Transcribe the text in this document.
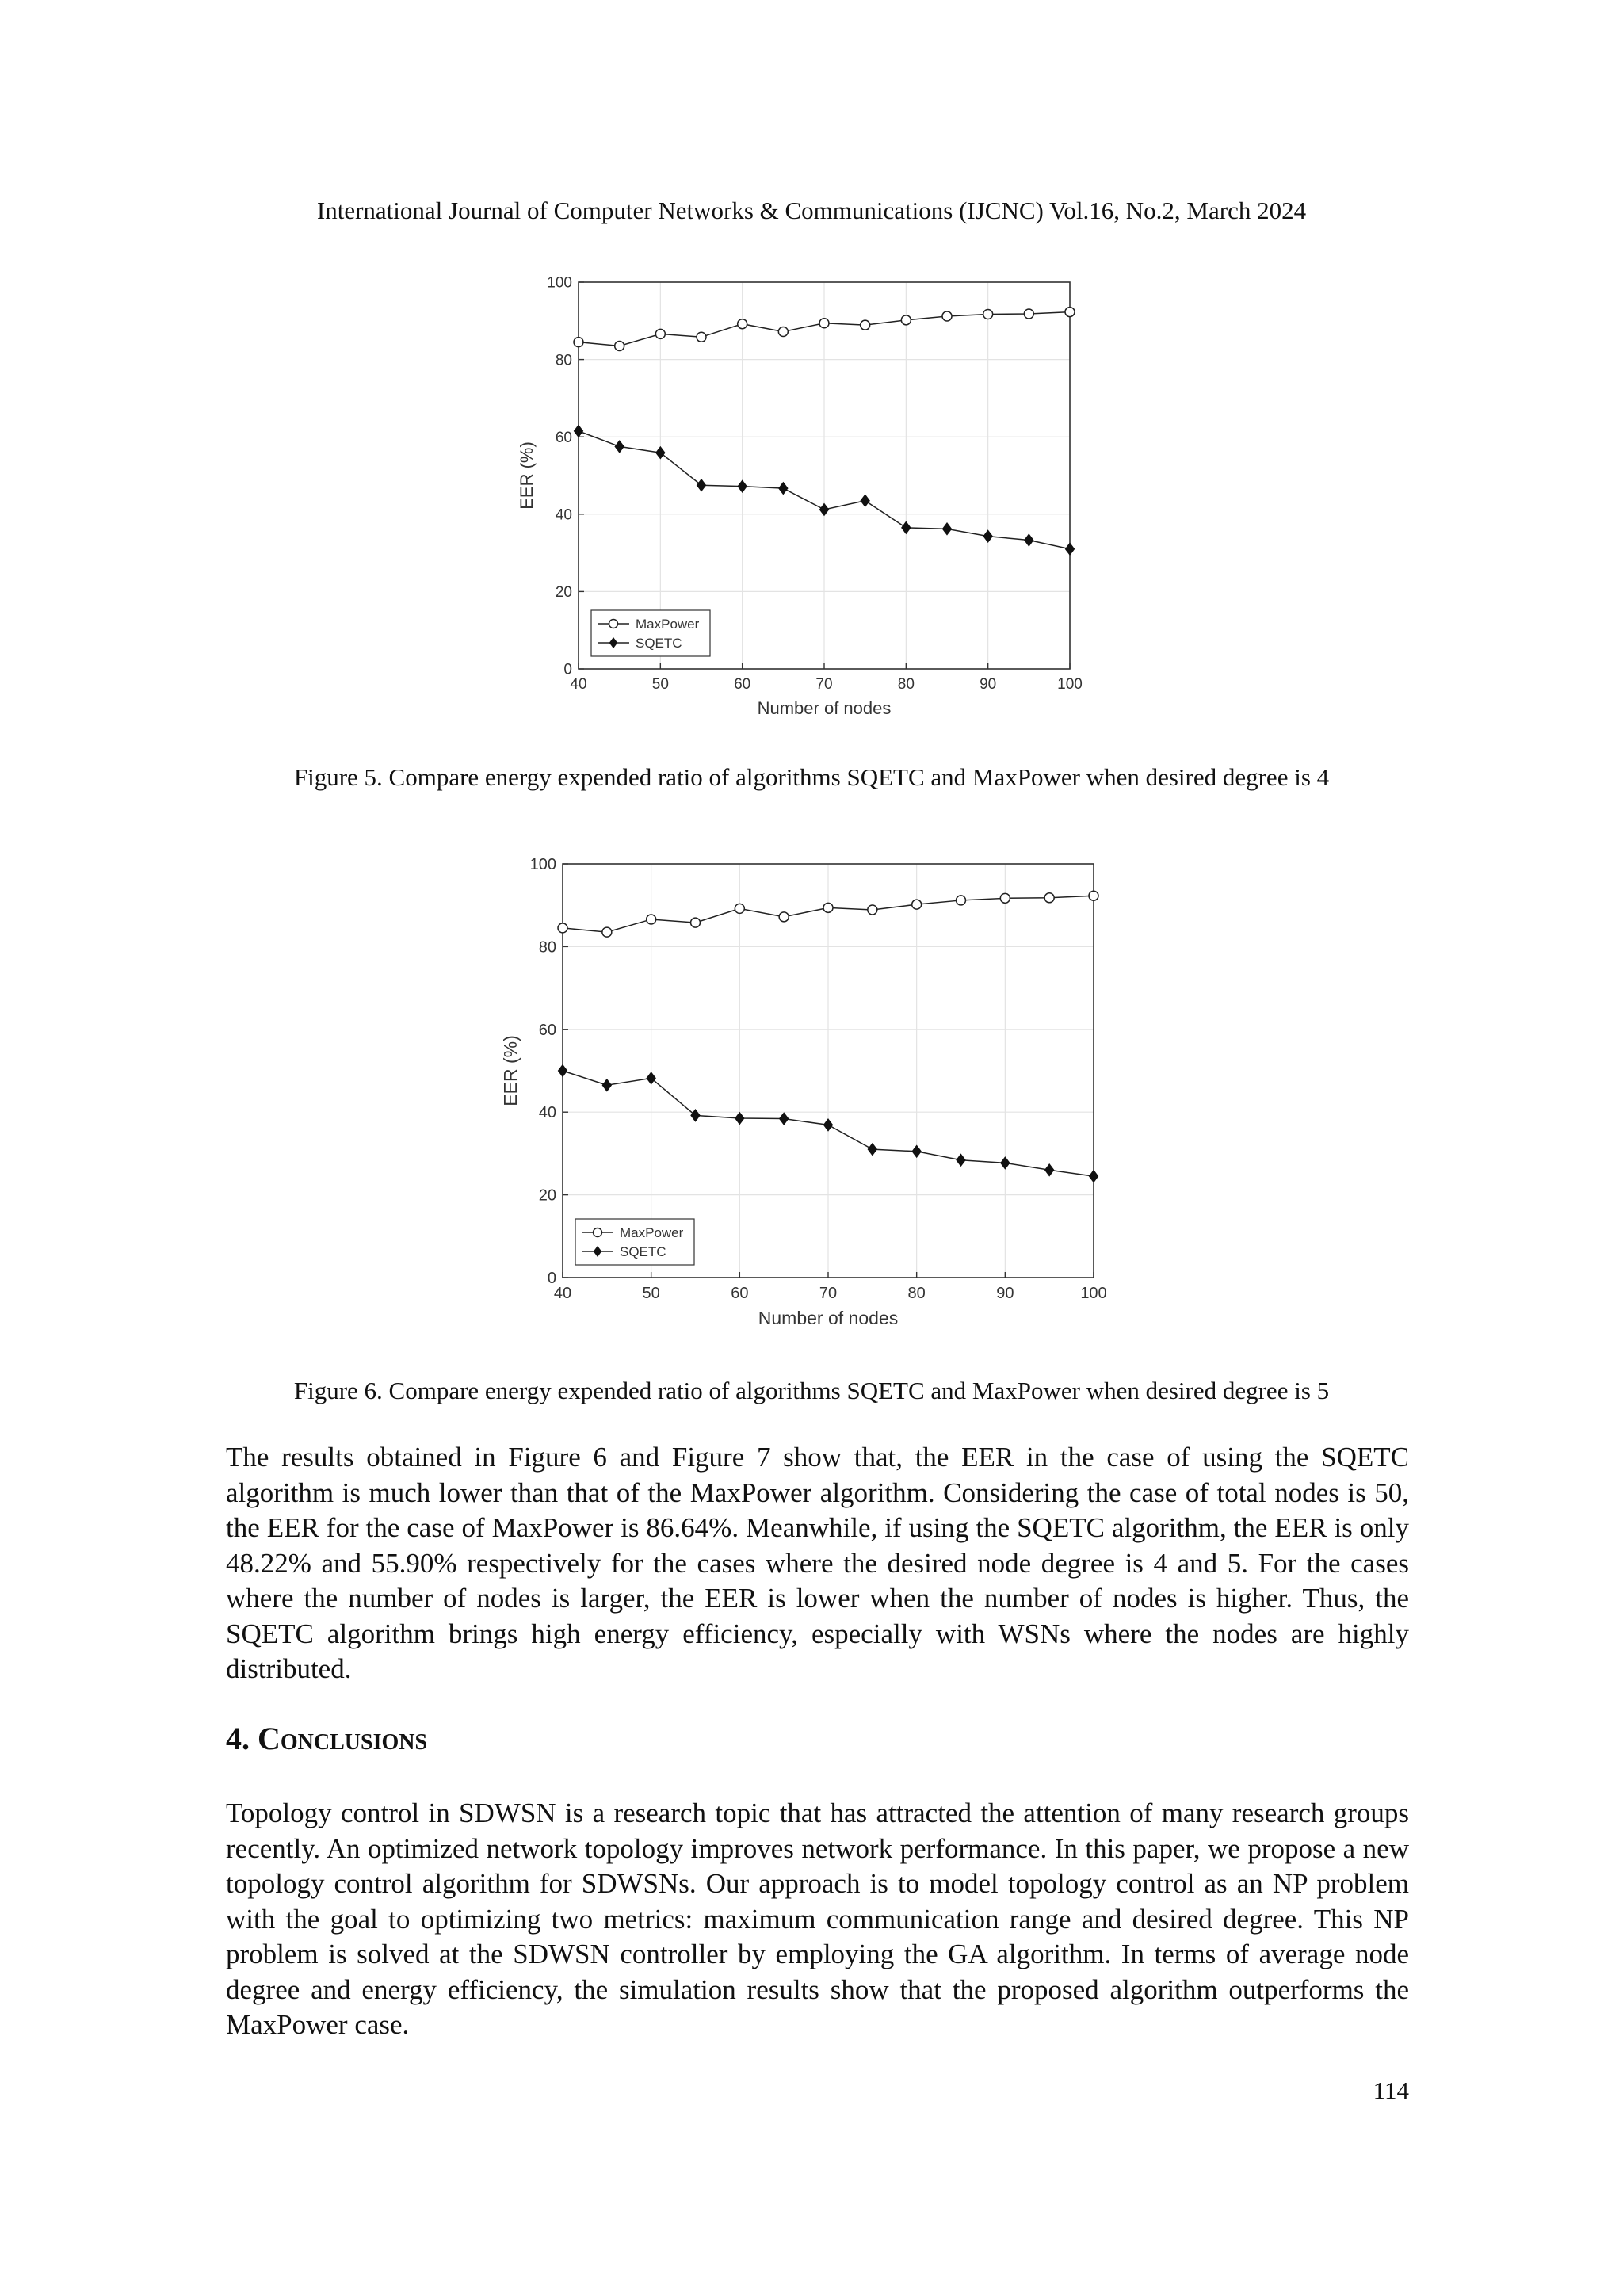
International Journal of Computer Networks & Communications (IJCNC) Vol.16, No.2, March 2024
40	50	60	70	80	90	100
0
20
40
60
80
100
Number of nodes
EER (%)
MaxPower
SQETC
Figure 5. Compare energy expended ratio of algorithms SQETC and MaxPower when desired degree is 4
40	50	60	70	80	90	100
0
20
40
60
80
100
Number of nodes
EER (%)
MaxPower
SQETC
Figure 6. Compare energy expended ratio of algorithms SQETC and MaxPower when desired degree is 5

The results obtained in Figure 6 and Figure 7 show that, the EER in the case of using the SQETC algorithm is much lower than that of the MaxPower algorithm. Considering the case of total nodes is 50, the EER for the case of MaxPower is 86.64%. Meanwhile, if using the SQETC algorithm, the EER is only 48.22% and 55.90% respectively for the cases where the desired node degree is 4 and 5. For the cases where the number of nodes is larger, the EER is lower when the number of nodes is higher. Thus, the SQETC algorithm brings high energy efficiency, especially with WSNs where the nodes are highly distributed.

4. Conclusions

Topology control in SDWSN is a research topic that has attracted the attention of many research groups recently. An optimized network topology improves network performance. In this paper, we propose a new topology control algorithm for SDWSNs. Our approach is to model topology control as an NP problem with the goal to optimizing two metrics: maximum communication range and desired degree. This NP problem is solved at the SDWSN controller by employing the GA algorithm. In terms of average node degree and energy efficiency, the simulation results show that the proposed algorithm outperforms the MaxPower case.

114
